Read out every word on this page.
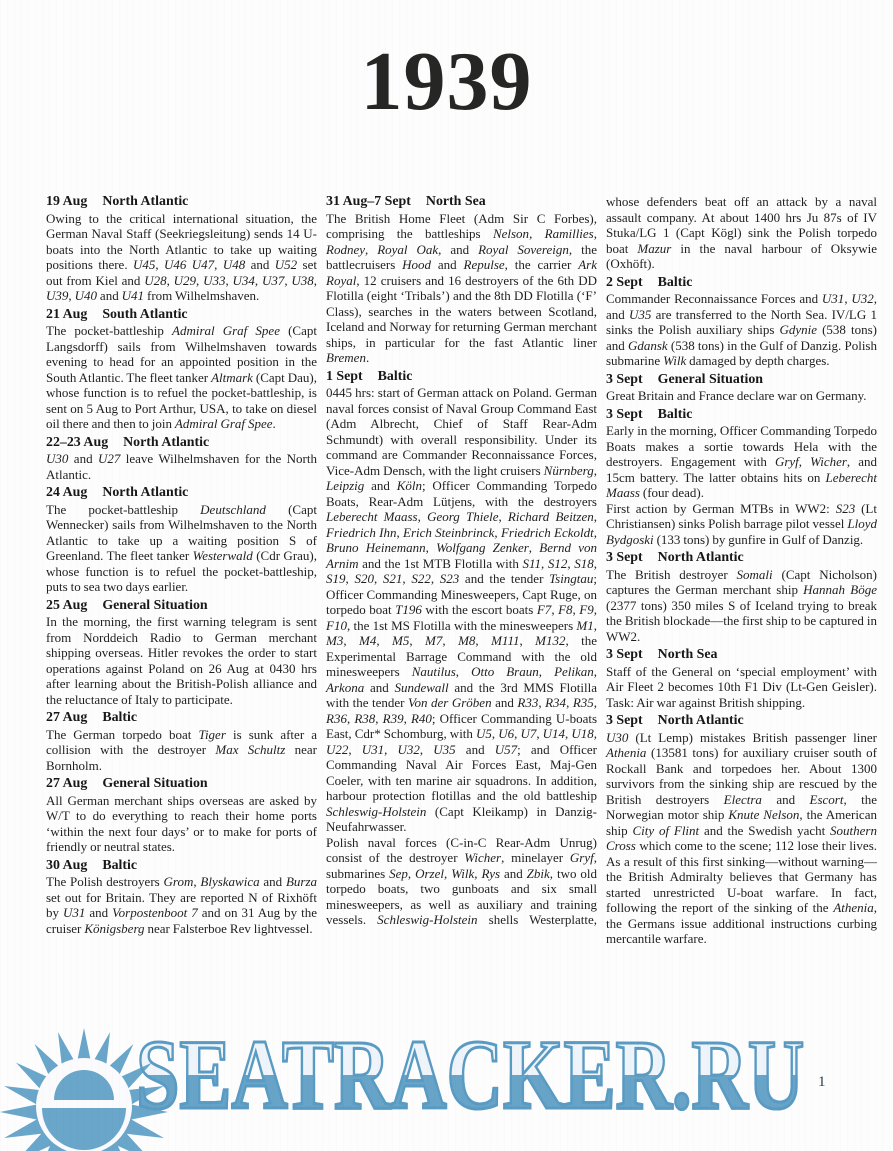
1939
19 Aug North Atlantic

Owing to the critical international situation, the German Naval Staff (Seekriegsleitung) sends 14 U-boats into the North Atlantic to take up waiting positions there. U45, U46 U47, U48 and U52 set out from Kiel and U28, U29, U33, U34, U37, U38, U39, U40 and U41 from Wilhelmshaven.

21 Aug South Atlantic

The pocket-battleship Admiral Graf Spee (Capt Langsdorff) sails from Wilhelmshaven towards evening to head for an appointed position in the South Atlantic. The fleet tanker Altmark (Capt Dau), whose function is to refuel the pocket-battleship, is sent on 5 Aug to Port Arthur, USA, to take on diesel oil there and then to join Admiral Graf Spee.

22–23 Aug North Atlantic

U30 and U27 leave Wilhelmshaven for the North Atlantic.

24 Aug North Atlantic

The pocket-battleship Deutschland (Capt Wennecker) sails from Wilhelmshaven to the North Atlantic to take up a waiting position S of Greenland. The fleet tanker Westerwald (Cdr Grau), whose function is to refuel the pocket-battleship, puts to sea two days earlier.

25 Aug General Situation

In the morning, the first warning telegram is sent from Norddeich Radio to German merchant shipping overseas. Hitler revokes the order to start operations against Poland on 26 Aug at 0430 hrs after learning about the British-Polish alliance and the reluctance of Italy to participate.

27 Aug Baltic

The German torpedo boat Tiger is sunk after a collision with the destroyer Max Schultz near Bornholm.

27 Aug General Situation

All German merchant ships overseas are asked by W/T to do everything to reach their home ports ‘within the next four days’ or to make for ports of friendly or neutral states.

30 Aug Baltic

The Polish destroyers Grom, Blyskawica and Burza set out for Britain. They are reported N of Rixhöft by U31 and Vorpostenboot 7 and on 31 Aug by the cruiser Königsberg near Falsterboe Rev lightvessel.

31 Aug–7 Sept North Sea

The British Home Fleet (Adm Sir C Forbes), comprising the battleships Nelson, Ramillies, Rodney, Royal Oak, and Royal Sovereign, the battlecruisers Hood and Repulse, the carrier Ark Royal, 12 cruisers and 16 destroyers of the 6th DD Flotilla (eight ‘Tribals’) and the 8th DD Flotilla (‘F’ Class), searches in the waters between Scotland, Iceland and Norway for returning German merchant ships, in particular for the fast Atlantic liner Bremen.

1 Sept Baltic

0445 hrs: start of German attack on Poland. German naval forces consist of Naval Group Command East (Adm Albrecht, Chief of Staff Rear-Adm Schmundt) with overall responsibility. Under its command are Commander Reconnaissance Forces, Vice-Adm Densch, with the light cruisers Nürnberg, Leipzig and Köln; Officer Commanding Torpedo Boats, Rear-Adm Lütjens, with the destroyers Leberecht Maass, Georg Thiele, Richard Beitzen, Friedrich Ihn, Erich Steinbrinck, Friedrich Eckoldt, Bruno Heinemann, Wolfgang Zenker, Bernd von Arnim and the 1st MTB Flotilla with S11, S12, S18, S19, S20, S21, S22, S23 and the tender Tsingtau; Officer Commanding Minesweepers, Capt Ruge, on torpedo boat T196 with the escort boats F7, F8, F9, F10, the 1st MS Flotilla with the minesweepers M1, M3, M4, M5, M7, M8, M111, M132, the Experimental Barrage Command with the old minesweepers Nautilus, Otto Braun, Pelikan, Arkona and Sundewall and the 3rd MMS Flotilla with the tender Von der Gröben and R33, R34, R35, R36, R38, R39, R40; Officer Commanding U-boats East, Cdr* Schomburg, with U5, U6, U7, U14, U18, U22, U31, U32, U35 and U57; and Officer Commanding Naval Air Forces East, Maj-Gen Coeler, with ten marine air squadrons. In addition, harbour protection flotillas and the old battleship Schleswig-Holstein (Capt Kleikamp) in Danzig-Neufahrwasser.

Polish naval forces (C-in-C Rear-Adm Unrug) consist of the destroyer Wicher, minelayer Gryf, submarines Sep, Orzel, Wilk, Rys and Zbik, two old torpedo boats, two gunboats and six small minesweepers, as well as auxiliary and training vessels. Schleswig-Holstein shells Westerplatte,

whose defenders beat off an attack by a naval assault company. At about 1400 hrs Ju 87s of IV Stuka/LG 1 (Capt Kögl) sink the Polish torpedo boat Mazur in the naval harbour of Oksywie (Oxhöft).

2 Sept Baltic

Commander Reconnaissance Forces and U31, U32, and U35 are transferred to the North Sea. IV/LG 1 sinks the Polish auxiliary ships Gdynie (538 tons) and Gdansk (538 tons) in the Gulf of Danzig. Polish submarine Wilk damaged by depth charges.

3 Sept General Situation

Great Britain and France declare war on Germany.

3 Sept Baltic

Early in the morning, Officer Commanding Torpedo Boats makes a sortie towards Hela with the destroyers. Engagement with Gryf, Wicher, and 15cm battery. The latter obtains hits on Leberecht Maass (four dead).

First action by German MTBs in WW2: S23 (Lt Christiansen) sinks Polish barrage pilot vessel Lloyd Bydgoski (133 tons) by gunfire in Gulf of Danzig.

3 Sept North Atlantic

The British destroyer Somali (Capt Nicholson) captures the German merchant ship Hannah Böge (2377 tons) 350 miles S of Iceland trying to break the British blockade—the first ship to be captured in WW2.

3 Sept North Sea

Staff of the General on ‘special employment’ with Air Fleet 2 becomes 10th F1 Div (Lt-Gen Geisler). Task: Air war against British shipping.

3 Sept North Atlantic

U30 (Lt Lemp) mistakes British passenger liner Athenia (13581 tons) for auxiliary cruiser south of Rockall Bank and torpedoes her. About 1300 survivors from the sinking ship are rescued by the British destroyers Electra and Escort, the Norwegian motor ship Knute Nelson, the American ship City of Flint and the Swedish yacht Southern Cross which come to the scene; 112 lose their lives. As a result of this first sinking—without warning—the British Admiralty believes that Germany has started unrestricted U-boat warfare. In fact, following the report of the sinking of the Athenia, the Germans issue additional instructions curbing mercantile warfare.

SEATRACKER.RU 1
